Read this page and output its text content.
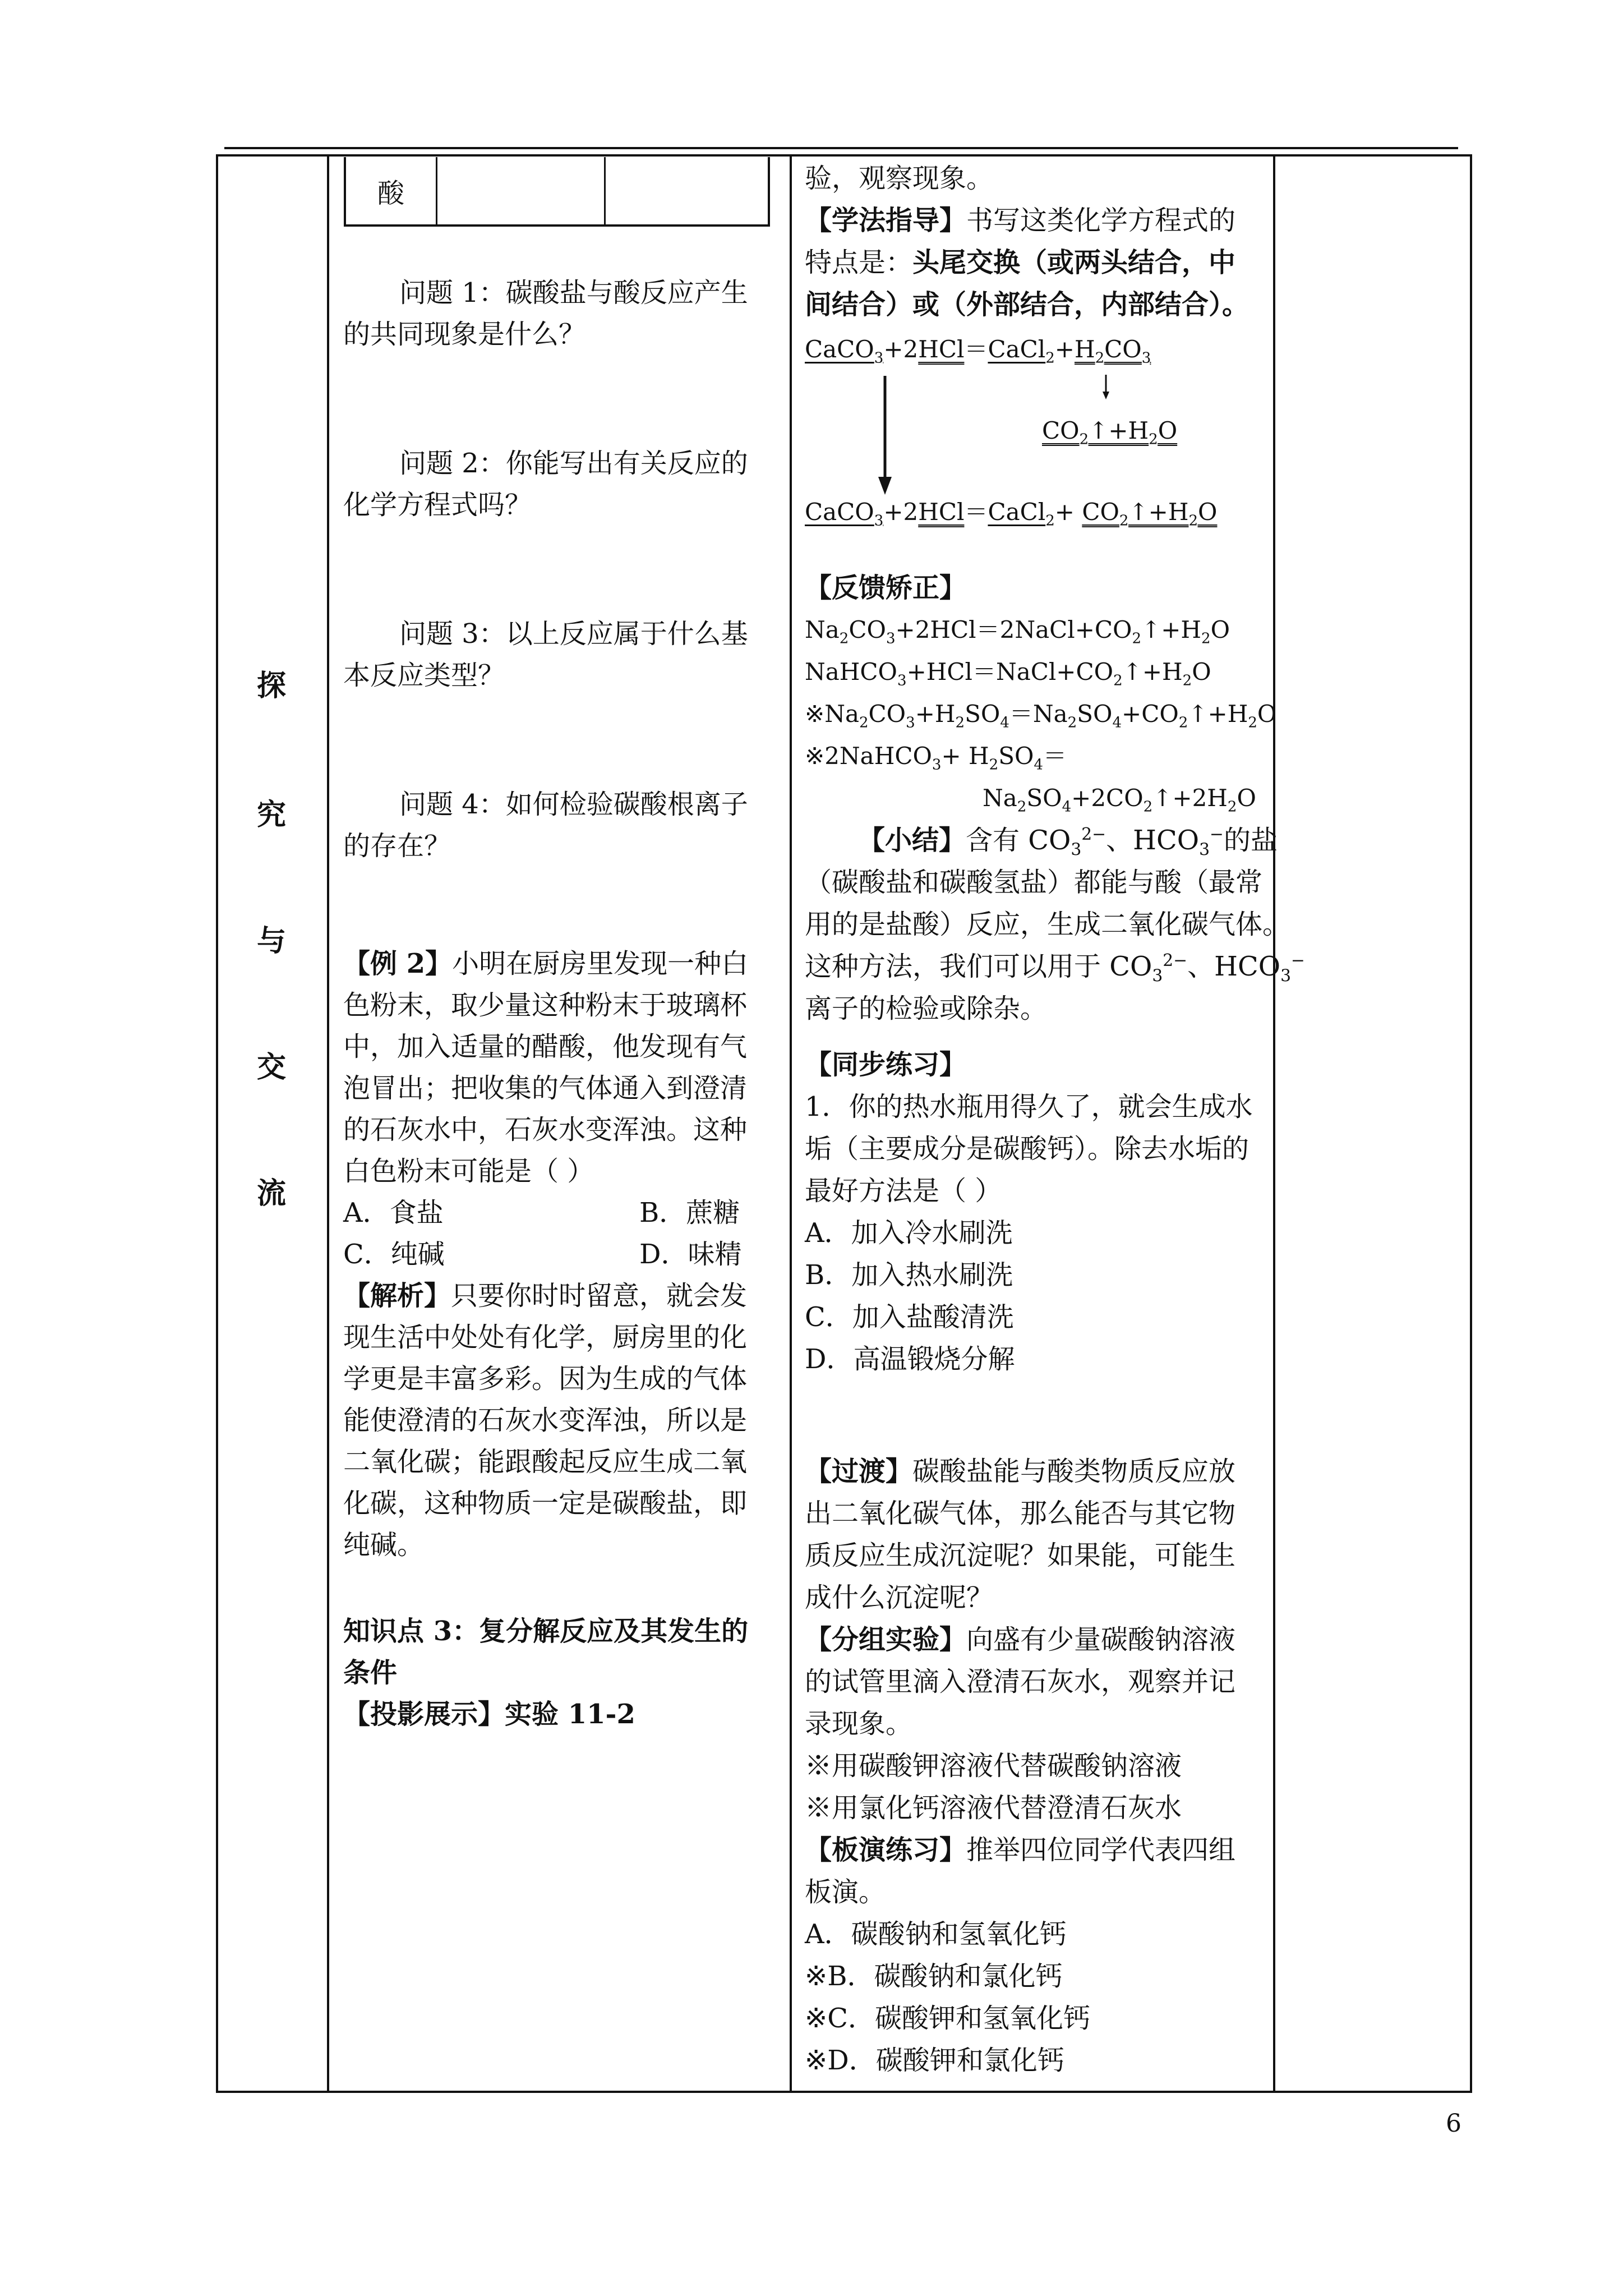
探
究
与
交
流
酸
问题 1：碳酸盐与酸反应产生
的共同现象是什么？
问题 2：你能写出有关反应的
化学方程式吗？
问题 3：以上反应属于什么基
本反应类型？
问题 4：如何检验碳酸根离子
的存在？
【例 2】小明在厨房里发现一种白
色粉末，取少量这种粉末于玻璃杯
中，加入适量的醋酸，他发现有气
泡冒出；把收集的气体通入到澄清
的石灰水中，石灰水变浑浊。这种
白色粉末可能是（ ）
A．食盐	B．蔗糖
C．纯碱	D．味精
【解析】只要你时时留意，就会发
现生活中处处有化学，厨房里的化
学更是丰富多彩。因为生成的气体
能使澄清的石灰水变浑浊，所以是
二氧化碳；能跟酸起反应生成二氧
化碳，这种物质一定是碳酸盐，即
纯碱。
知识点 3：复分解反应及其发生的
条件
【投影展示】实验 11-2
验，观察现象。
【学法指导】书写这类化学方程式的
特点是：头尾交换（或两头结合，中
间结合）或（外部结合，内部结合）。
$CaCO_3+2HCl=CaCl_2+H_2CO_3$
$CO_2↑+H_2O$
CaCO$_3$+2HCl＝CaCl$_2$+ $CO_2↑+H_2O$
【反馈矫正】
$Na_2CO_3+2HCl=2NaCl+CO_2↑+H_2O$
$NaHCO_3+HCl=NaCl+CO_2↑+H_2O$
$※Na_2CO_3+H_2SO_4=Na_2SO_4+CO_2↑+H_2O$
※2NaHCO$_3$+ $H_2SO_4=$
$Na_2SO_4+2CO_2↑+2H_2O$
【小结】含有 $CO_3^{2-}$、$HCO_3^-$的盐
（碳酸盐和碳酸氢盐）都能与酸（最常
用的是盐酸）反应，生成二氧化碳气体。
这种方法，我们可以用于 $CO_3^{2-}$、$HCO_3^-$
离子的检验或除杂。
【同步练习】
1．你的热水瓶用得久了，就会生成水
垢（主要成分是碳酸钙）。除去水垢的
最好方法是（ ）
A．加入冷水刷洗
B．加入热水刷洗
C．加入盐酸清洗
D．高温锻烧分解
【过渡】碳酸盐能与酸类物质反应放
出二氧化碳气体，那么能否与其它物
质反应生成沉淀呢？如果能，可能生
成什么沉淀呢？
【分组实验】向盛有少量碳酸钠溶液
的试管里滴入澄清石灰水，观察并记
录现象。
※用碳酸钾溶液代替碳酸钠溶液
※用氯化钙溶液代替澄清石灰水
【板演练习】推举四位同学代表四组
板演。
A．碳酸钠和氢氧化钙
※B．碳酸钠和氯化钙
※C．碳酸钾和氢氧化钙
※D．碳酸钾和氯化钙
6
